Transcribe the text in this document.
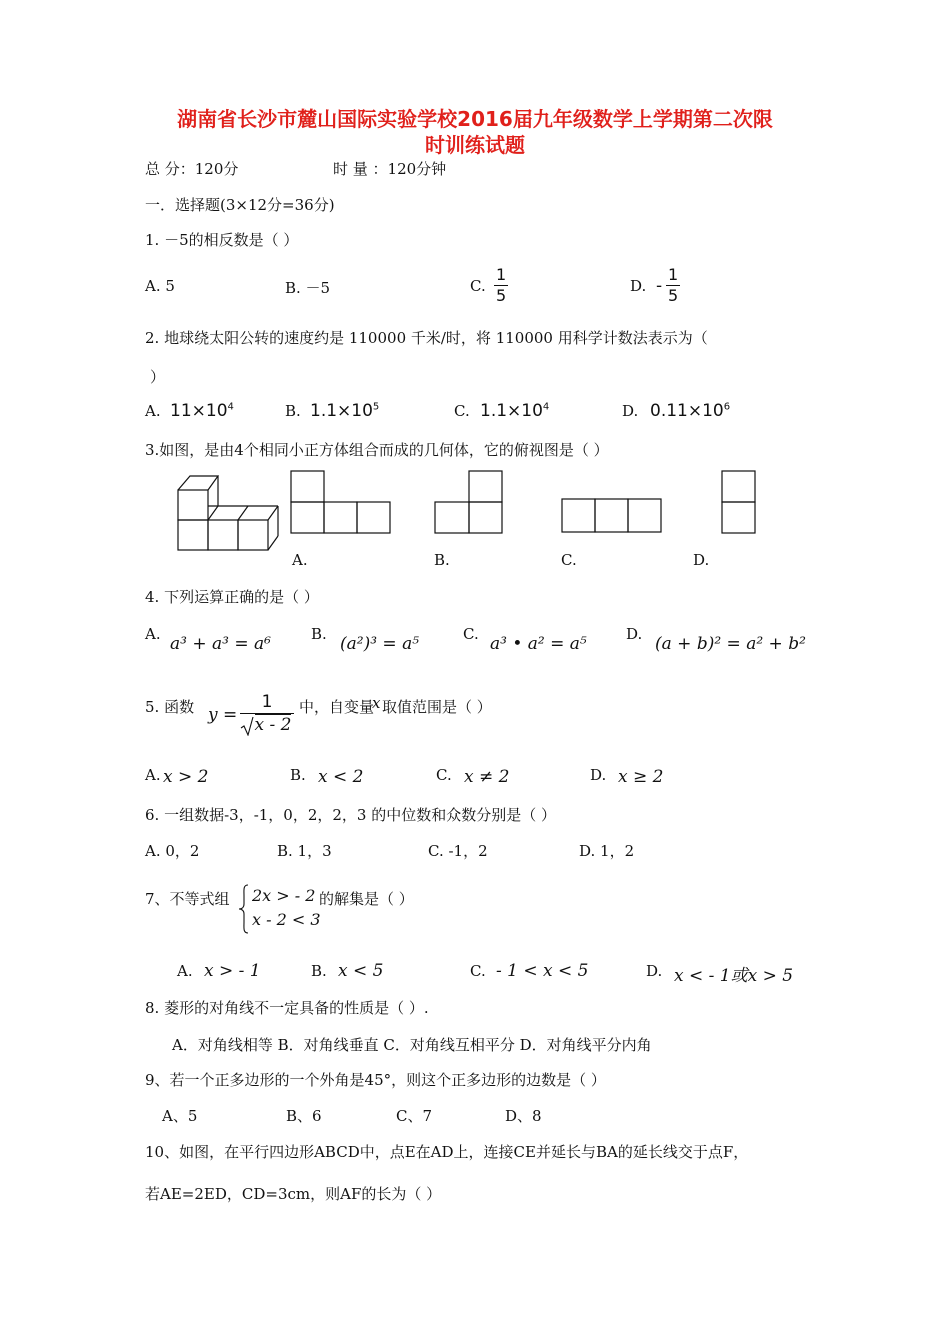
湖南省长沙市麓山国际实验学校2016届九年级数学上学期第二次限
时训练试题
总 分：120分	时 量 ：120分钟
一．选择题(3×12分=36分)
1. －5的相反数是（ ）
A. 5	B. －5	C. $\frac{1}{5}$	D. - $\frac{1}{5}$
2. 地球绕太阳公转的速度约是 110000 千米/时，将 110000 用科学计数法表示为（
）
A. $11\times 10^4$	B. $1.1\times 10^5$	C. $1.1\times 10^4$	D. $0.11\times 10^6$
3.如图，是由4个相同小正方体组合而成的几何体，它的俯视图是（ ）
A.	B.	C.	D.
4. 下列运算正确的是（ ）
A. a³ + a³ = a⁶	B. (a²)³ = a⁵	C. a³ • a² = a⁵	D. (a + b)² = a² + b²
5. 函数 $y = \frac{1}{x - 2}$ 中，自变量
x 取值范围是（ ）
A. x > 2	B. x < 2	C. x ≠ 2	D. x ≥ 2
6. 一组数据-3，-1，0，2，2，3 的中位数和众数分别是（ ）
A. 0，2	B. 1，3	C. -1，2	D. 1，2
7、不等式组 2x > - 2
x - 2 < 3
的解集是（ ）
A. x > - 1	B. x < 5	C. - 1 < x < 5	D. x < - 1或x > 5
8. 菱形的对角线不一定具备的性质是（ ）.
A．对角线相等 B．对角线垂直 C．对角线互相平分 D．对角线平分内角
9、若一个正多边形的一个外角是45°，则这个正多边形的边数是（ ）
A、5	B、6	C、7	D、8
10、如图，在平行四边形ABCD中，点E在AD上，连接CE并延长与BA的延长线交于点F，
若AE=2ED，CD=3cm，则AF的长为（ ）
